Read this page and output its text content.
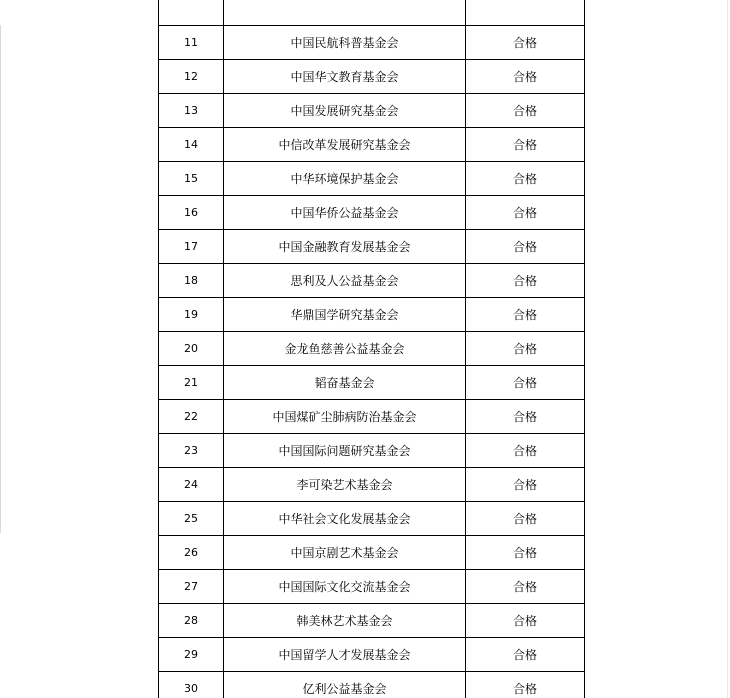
11	中国民航科普基金会	合格
12	中国华文教育基金会	合格
13	中国发展研究基金会	合格
14	中信改革发展研究基金会	合格
15	中华环境保护基金会	合格
16	中国华侨公益基金会	合格
17	中国金融教育发展基金会	合格
18	思利及人公益基金会	合格
19	华鼎国学研究基金会	合格
20	金龙鱼慈善公益基金会	合格
21	韬奋基金会	合格
22	中国煤矿尘肺病防治基金会	合格
23	中国国际问题研究基金会	合格
24	李可染艺术基金会	合格
25	中华社会文化发展基金会	合格
26	中国京剧艺术基金会	合格
27	中国国际文化交流基金会	合格
28	韩美林艺术基金会	合格
29	中国留学人才发展基金会	合格
30	亿利公益基金会	合格
